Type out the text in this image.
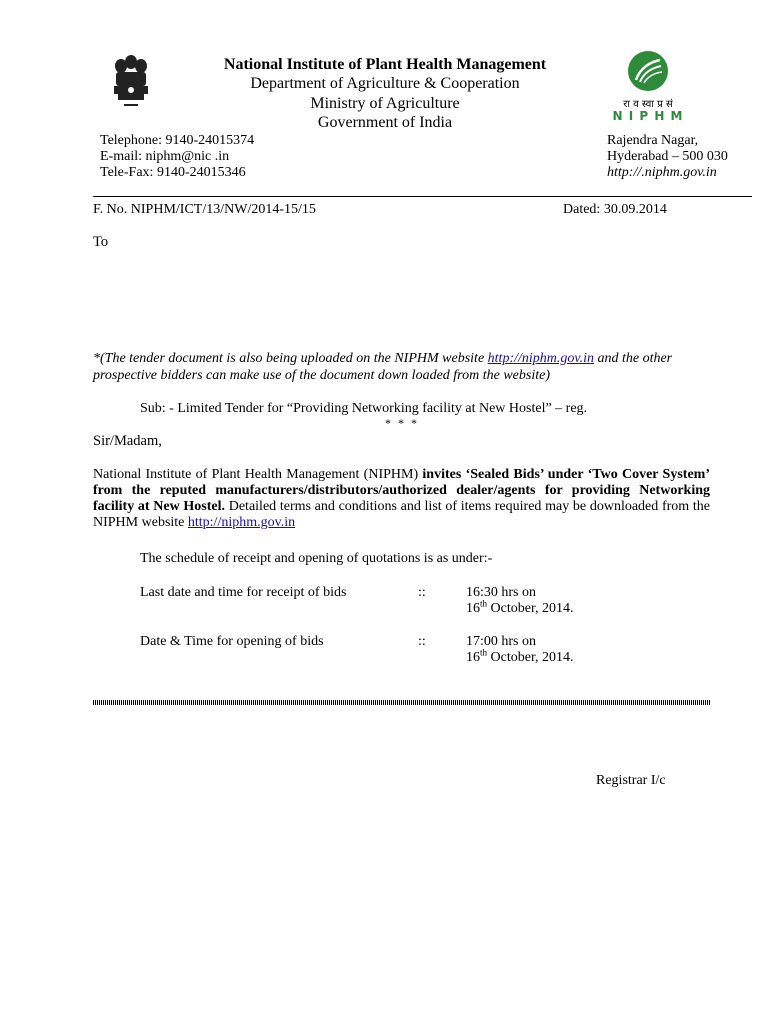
National Institute of Plant Health Management
Department of Agriculture & Cooperation
Ministry of Agriculture
Government of India
रा व स्वा प्र सं
N I P H M
Telephone: 9140-24015374
E-mail: niphm@nic .in
Tele-Fax: 9140-24015346
Rajendra Nagar,
Hyderabad – 500 030
http://.niphm.gov.in
F. No. NIPHM/ICT/13/NW/2014-15/15	Dated: 30.09.2014
To
*(The tender document is also being uploaded on the NIPHM website http://niphm.gov.in and the other prospective bidders can make use of the document down loaded from the website)
Sub: - Limited Tender for “Providing Networking facility at New Hostel” – reg.
* * *
Sir/Madam,
National Institute of Plant Health Management (NIPHM) invites ‘Sealed Bids’ under ‘Two Cover System’ from the reputed manufacturers/distributors/authorized dealer/agents for providing Networking facility at New Hostel. Detailed terms and conditions and list of items required may be downloaded from the NIPHM website http://niphm.gov.in
The schedule of receipt and opening of quotations is as under:-
Last date and time for receipt of bids	::	16:30 hrs on
16th October, 2014.
Date & Time for opening of bids	::	17:00 hrs on
16th October, 2014.
Registrar I/c
